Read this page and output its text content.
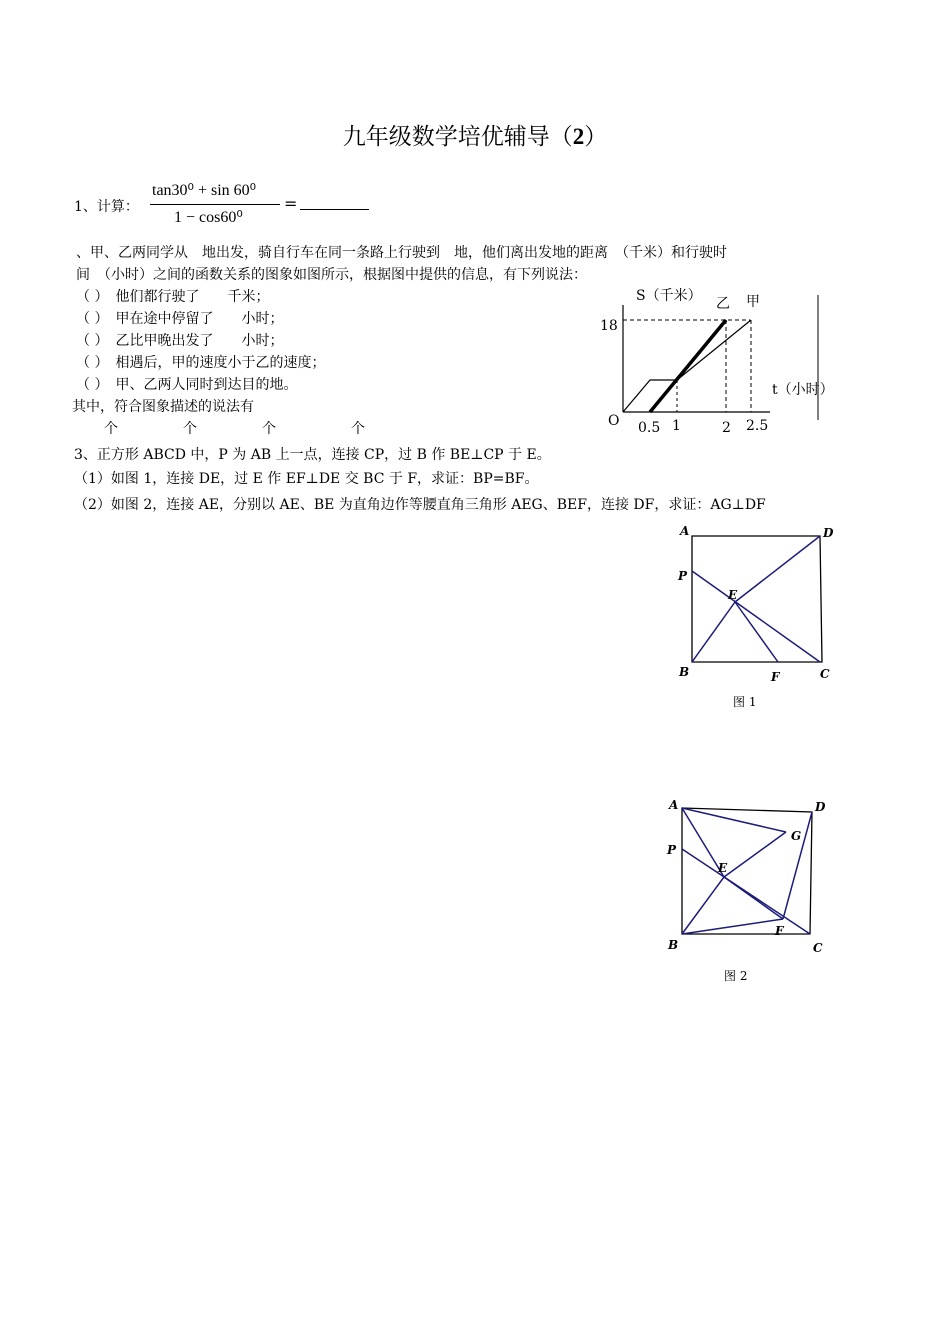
九年级数学培优辅导（2）
1、计算：
tan30⁰ + sin 60⁰
1 − cos60⁰
=
、甲、乙两同学从　地出发，骑自行车在同一条路上行驶到　地，他们离出发地的距离　（千米）和行驶时
间　（小时）之间的函数关系的图象如图所示，根据图中提供的信息，有下列说法：
（ ）　他们都行驶了　　千米；
（ ）　甲在途中停留了　　小时；
（ ）　乙比甲晚出发了　　小时；
（ ）　相遇后，甲的速度小于乙的速度；
（ ）　甲、乙两人同时到达目的地。
其中，符合图象描述的说法有
个	个	个	个
S（千米） 乙 甲
18
t（小时）
O 0.5 1	2 2.5
3、正方形 ABCD 中，P 为 AB 上一点，连接 CP，过 B 作 BE⊥CP 于 E。
（1）如图 1，连接 DE，过 E 作 EF⊥DE 交 BC 于 F，求证：BP=BF。
（2）如图 2，连接 AE，分别以 AE、BE 为直角边作等腰直角三角形 AEG、BEF，连接 DF，求证：AG⊥DF
A	D
P
E
B	F	C
图 1
A	D
P
G
E
B
F
C
图 2
